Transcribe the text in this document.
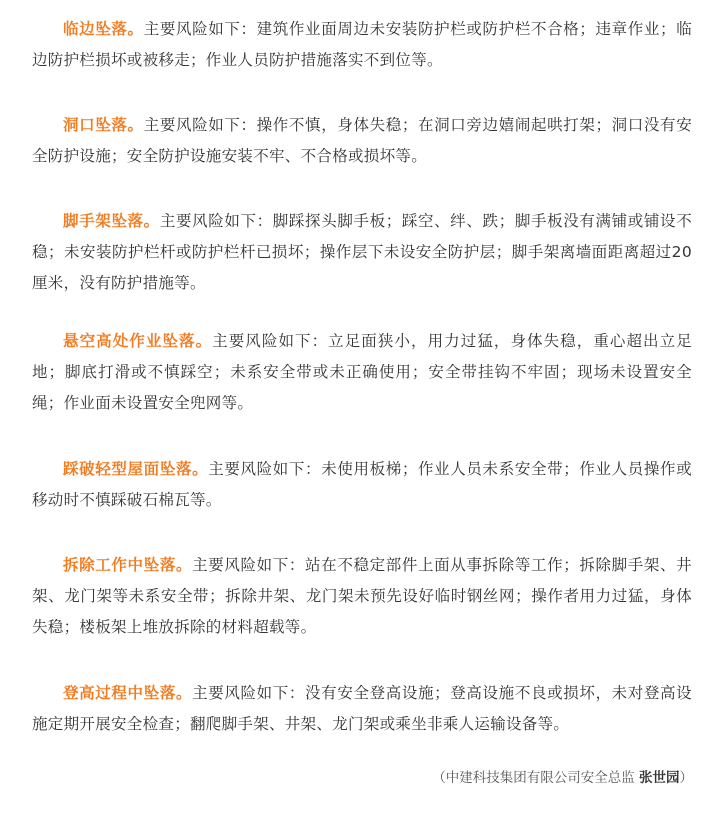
临边坠落。主要风险如下：建筑作业面周边未安装防护栏或防护栏不合格；违章作业；临边防护栏损坏或被移走；作业人员防护措施落实不到位等。

洞口坠落。主要风险如下：操作不慎，身体失稳；在洞口旁边嬉闹起哄打架；洞口没有安全防护设施；安全防护设施安装不牢、不合格或损坏等。

脚手架坠落。主要风险如下：脚踩探头脚手板；踩空、绊、跌；脚手板没有满铺或铺设不稳；未安装防护栏杆或防护栏杆已损坏；操作层下未设安全防护层；脚手架离墙面距离超过20厘米，没有防护措施等。

悬空高处作业坠落。主要风险如下：立足面狭小，用力过猛，身体失稳，重心超出立足地；脚底打滑或不慎踩空；未系安全带或未正确使用；安全带挂钩不牢固；现场未设置安全绳；作业面未设置安全兜网等。

踩破轻型屋面坠落。主要风险如下：未使用板梯；作业人员未系安全带；作业人员操作或移动时不慎踩破石棉瓦等。

拆除工作中坠落。主要风险如下：站在不稳定部件上面从事拆除等工作；拆除脚手架、井架、龙门架等未系安全带；拆除井架、龙门架未预先设好临时钢丝网；操作者用力过猛，身体失稳；楼板架上堆放拆除的材料超载等。

登高过程中坠落。主要风险如下：没有安全登高设施；登高设施不良或损坏，未对登高设施定期开展安全检查；翻爬脚手架、井架、龙门架或乘坐非乘人运输设备等。

（中建科技集团有限公司安全总监 张世园）
